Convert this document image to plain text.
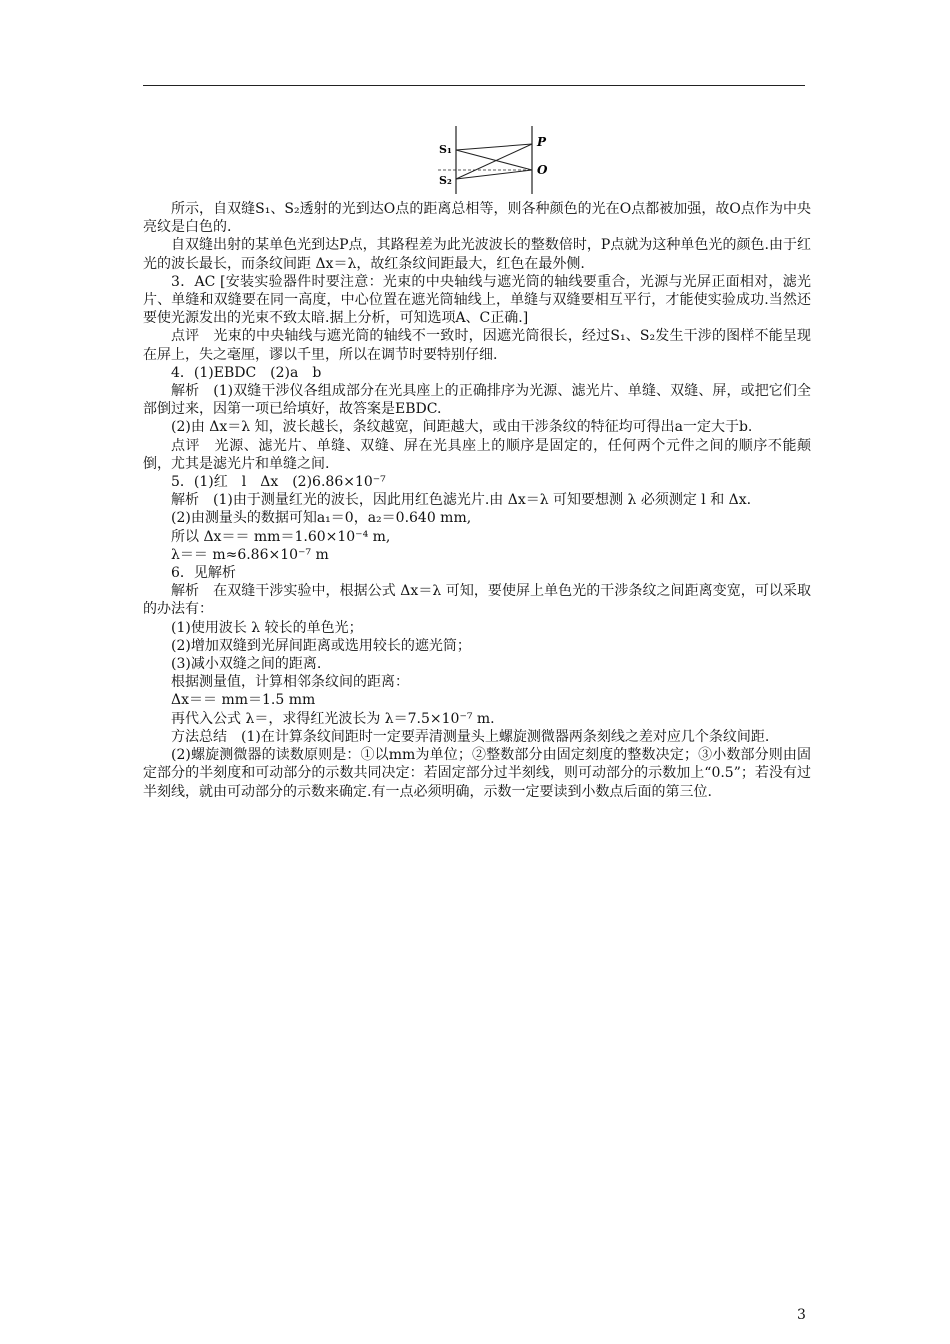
S₁
S₂
P
O

所示，自双缝S₁、S₂透射的光到达O点的距离总相等，则各种颜色的光在O点都被加强，故O点作为中央亮纹是白色的.

自双缝出射的某单色光到达P点，其路程差为此光波波长的整数倍时，P点就为这种单色光的颜色.由于红光的波长最长，而条纹间距 Δx＝λ，故红条纹间距最大，红色在最外侧.

3．AC [安装实验器件时要注意：光束的中央轴线与遮光筒的轴线要重合，光源与光屏正面相对，滤光片、单缝和双缝要在同一高度，中心位置在遮光筒轴线上，单缝与双缝要相互平行，才能使实验成功.当然还要使光源发出的光束不致太暗.据上分析，可知选项A、C正确.]

点评　光束的中央轴线与遮光筒的轴线不一致时，因遮光筒很长，经过S₁、S₂发生干涉的图样不能呈现在屏上，失之毫厘，谬以千里，所以在调节时要特别仔细.

4．(1)EBDC　(2)a　b

解析　(1)双缝干涉仪各组成部分在光具座上的正确排序为光源、滤光片、单缝、双缝、屏，或把它们全部倒过来，因第一项已给填好，故答案是EBDC.

(2)由 Δx＝λ 知，波长越长，条纹越宽，间距越大，或由干涉条纹的特征均可得出a一定大于b.

点评　光源、滤光片、单缝、双缝、屏在光具座上的顺序是固定的，任何两个元件之间的顺序不能颠倒，尤其是滤光片和单缝之间.

5．(1)红　l　Δx　(2)6.86×10⁻⁷

解析　(1)由于测量红光的波长，因此用红色滤光片.由 Δx＝λ 可知要想测 λ 必须测定 l 和 Δx.

(2)由测量头的数据可知a₁＝0，a₂＝0.640 mm,

所以 Δx＝＝ mm＝1.60×10⁻⁴ m,

λ＝＝ m≈6.86×10⁻⁷ m

6．见解析

解析　在双缝干涉实验中，根据公式 Δx＝λ 可知，要使屏上单色光的干涉条纹之间距离变宽，可以采取的办法有：

(1)使用波长 λ 较长的单色光；

(2)增加双缝到光屏间距离或选用较长的遮光筒；

(3)减小双缝之间的距离.

根据测量值，计算相邻条纹间的距离：

Δx＝＝ mm＝1.5 mm

再代入公式 λ＝，求得红光波长为 λ＝7.5×10⁻⁷ m.

方法总结　(1)在计算条纹间距时一定要弄清测量头上螺旋测微器两条刻线之差对应几个条纹间距.

(2)螺旋测微器的读数原则是：①以mm为单位；②整数部分由固定刻度的整数决定；③小数部分则由固定部分的半刻度和可动部分的示数共同决定：若固定部分过半刻线，则可动部分的示数加上“0.5”；若没有过半刻线，就由可动部分的示数来确定.有一点必须明确，示数一定要读到小数点后面的第三位.

3
